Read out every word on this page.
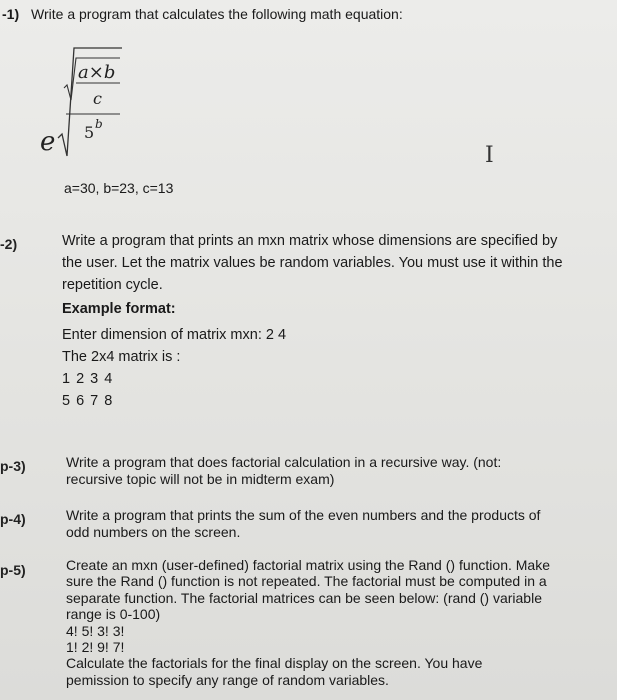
-1) Write a program that calculates the following math equation:
e
a×b
c
5 b
I
a=30, b=23, c=13
-2)	Write a program that prints an mxn matrix whose dimensions are specified by
the user. Let the matrix values be random variables. You must use it within the
repetition cycle.
Example format:
Enter dimension of matrix mxn: 2 4
The 2x4 matrix is :
1 2 3 4
5 6 7 8
p-3)	Write a program that does factorial calculation in a recursive way. (not:
recursive topic will not be in midterm exam)
p-4)	Write a program that prints the sum of the even numbers and the products of
odd numbers on the screen.
p-5)	Create an mxn (user-defined) factorial matrix using the Rand () function. Make
sure the Rand () function is not repeated. The factorial must be computed in a
separate function. The factorial matrices can be seen below: (rand () variable
range is 0-100)
4! 5! 3! 3!
1! 2! 9! 7!
Calculate the factorials for the final display on the screen. You have
pemission to specify any range of random variables.
